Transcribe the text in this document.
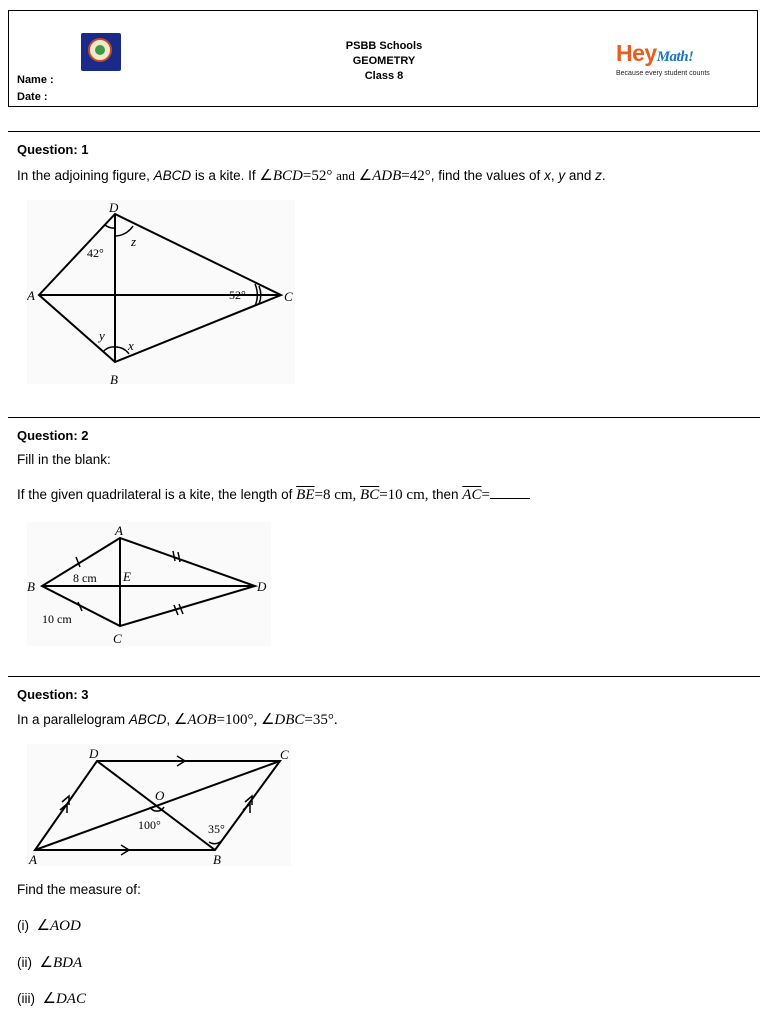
PSBB Schools
GEOMETRY
Class 8
Name :
Date :
HeyMath!
Because every student counts
Question: 1
In the adjoining figure, ABCD is a kite. If ∠BCD=52° and ∠ADB=42°, find the values of x, y and z.
D
A	C
B
z
y
x
42°
52°
Question: 2
Fill in the blank:
If the given quadrilateral is a kite, the length of $\overline{BE}=8$ cm, $\overline{BC}=10$ cm, then $\overline{AC}=$
A
B	D
C
E
8 cm
10 cm
Question: 3
In a parallelogram ABCD, ∠AOB=100°, ∠DBC=35°.
D	C
O
A	B
100°	35°
Find the measure of:
(i) ∠AOD
(ii) ∠BDA
(iii) ∠DAC
